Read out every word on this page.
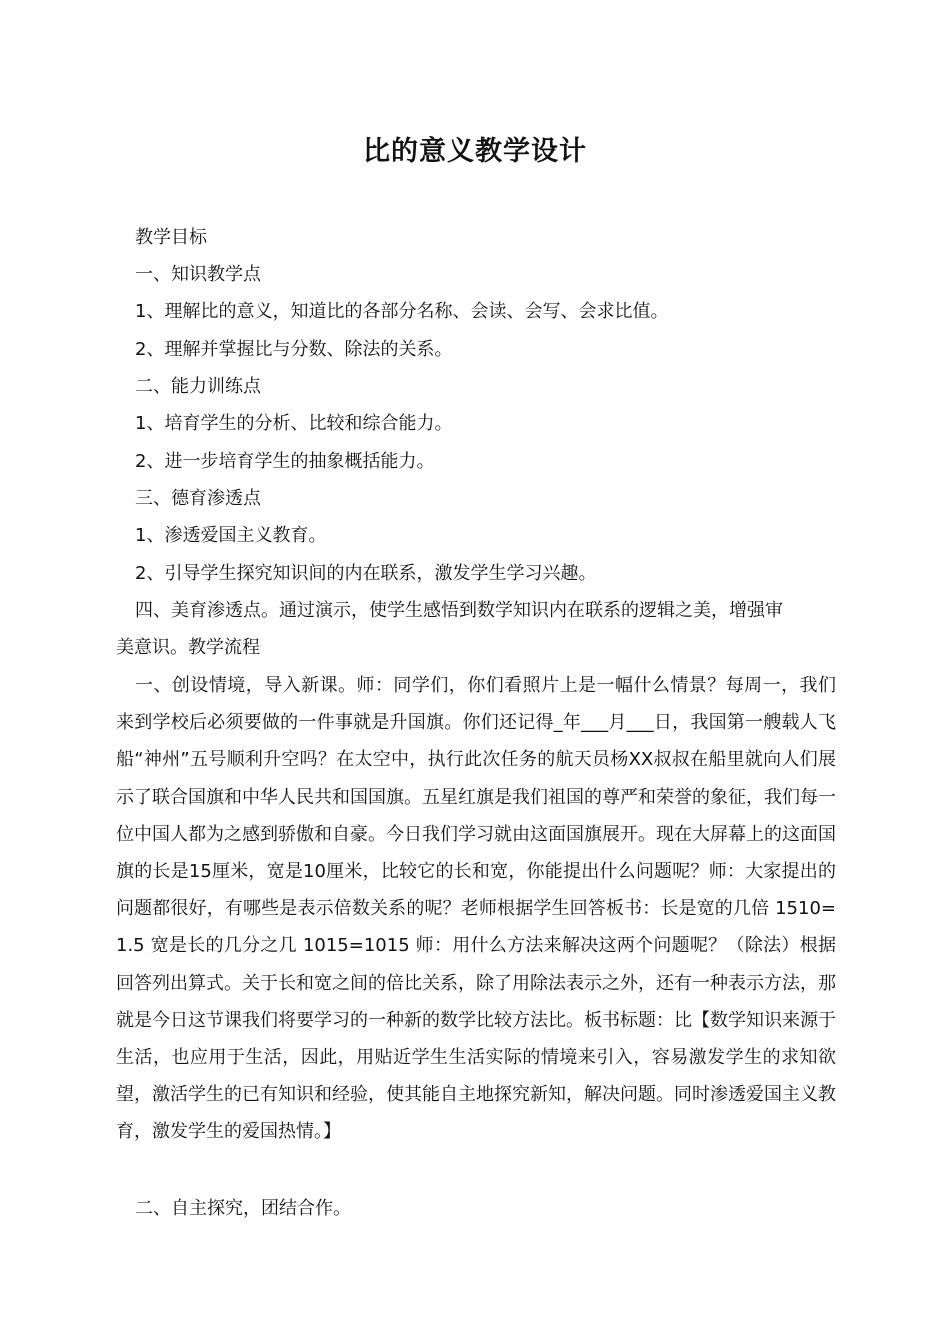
比的意义教学设计
教学目标
一、知识教学点
1、理解比的意义，知道比的各部分名称、会读、会写、会求比值。
2、理解并掌握比与分数、除法的关系。
二、能力训练点
1、培育学生的分析、比较和综合能力。
2、进一步培育学生的抽象概括能力。
三、德育渗透点
1、渗透爱国主义教育。
2、引导学生探究知识间的内在联系，激发学生学习兴趣。
四、美育渗透点。通过演示，使学生感悟到数学知识内在联系的逻辑之美，增强审
美意识。教学流程
一、创设情境，导入新课。师：同学们，你们看照片上是一幅什么情景？每周一，我们来到学校后必须要做的一件事就是升国旗。你们还记得_年___月___日，我国第一艘载人飞船“神州”五号顺利升空吗？在太空中，执行此次任务的航天员杨XX叔叔在船里就向人们展示了联合国旗和中华人民共和国国旗。五星红旗是我们祖国的尊严和荣誉的象征，我们每一位中国人都为之感到骄傲和自豪。今日我们学习就由这面国旗展开。现在大屏幕上的这面国旗的长是15厘米，宽是10厘米，比较它的长和宽，你能提出什么问题呢？师：大家提出的问题都很好，有哪些是表示倍数关系的呢？老师根据学生回答板书：长是宽的几倍 1510=1.5 宽是长的几分之几 1015=1015 师：用什么方法来解决这两个问题呢？（除法）根据回答列出算式。关于长和宽之间的倍比关系，除了用除法表示之外，还有一种表示方法，那就是今日这节课我们将要学习的一种新的数学比较方法比。板书标题：比【数学知识来源于生活，也应用于生活，因此，用贴近学生生活实际的情境来引入，容易激发学生的求知欲望，激活学生的已有知识和经验，使其能自主地探究新知，解决问题。同时渗透爱国主义教育，激发学生的爱国热情。】
二、自主探究，团结合作。
